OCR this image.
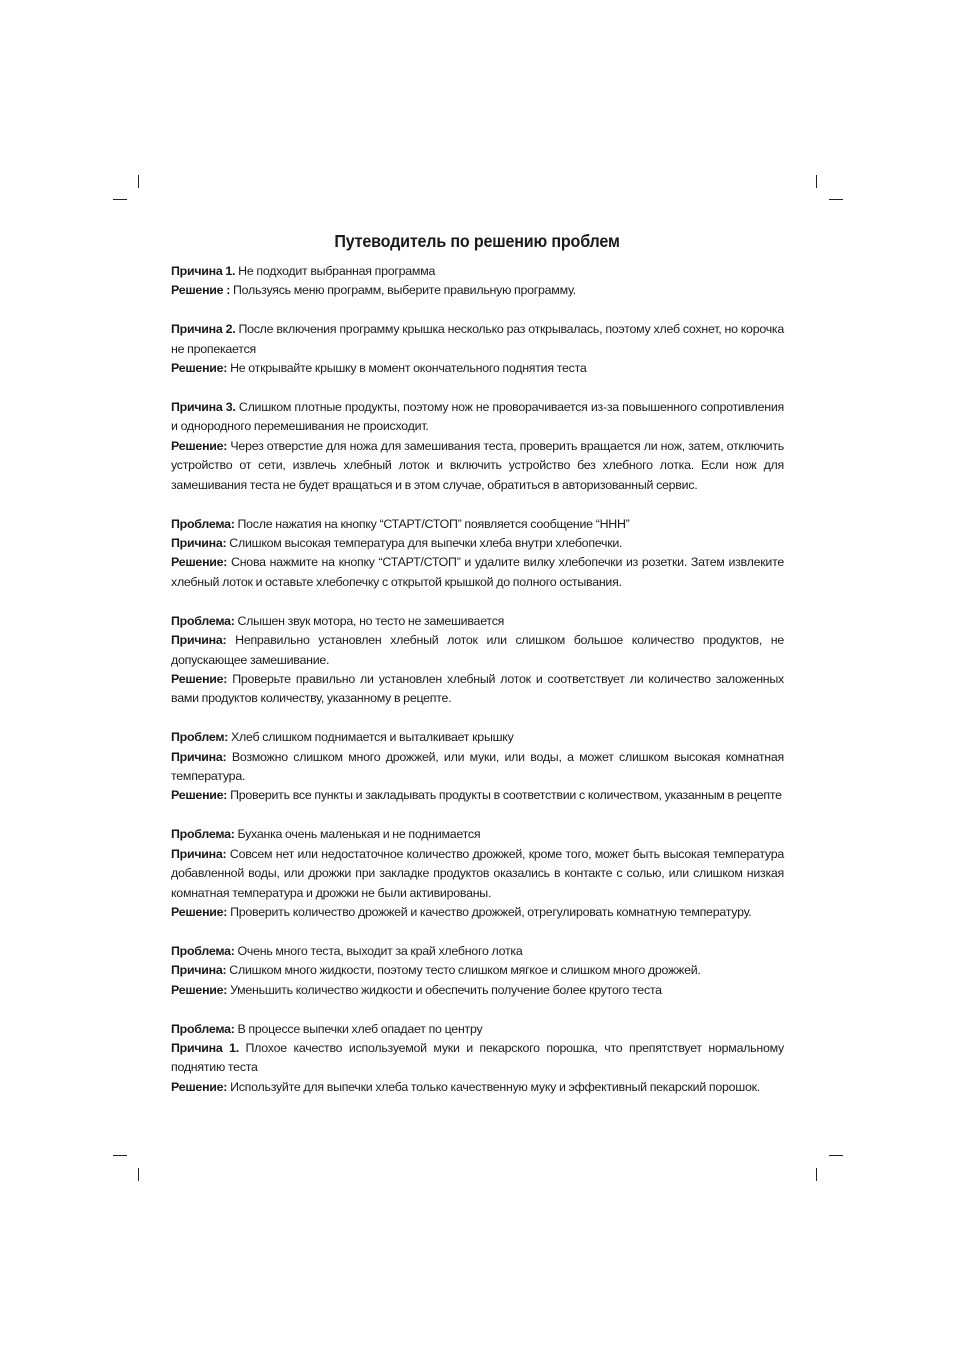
Путеводитель по решению проблем

Причина 1. Не подходит выбранная программа

Решение : Пользуясь меню программ, выберите правильную программу.

Причина 2. После включения программу крышка несколько раз открывалась, поэтому хлеб сохнет, но корочка не пропекается

Решение: Не открывайте крышку в момент окончательного поднятия теста

Причина 3. Слишком плотные продукты, поэтому нож не проворачивается из-за повышенного сопротивления и однородного перемешивания не происходит.

Решение: Через отверстие для ножа для замешивания теста, проверить вращается ли нож, затем, отключить устройство от сети, извлечь хлебный лоток и включить устройство без хлебного лотка. Если нож для замешивания теста не будет вращаться и в этом случае, обратиться в авторизованный сервис.

Проблема: После нажатия на кнопку “СТАРТ/СТОП” появляется сообщение “ННН”

Причина: Слишком высокая температура для выпечки хлеба внутри хлебопечки.

Решение: Снова нажмите на кнопку “СТАРТ/СТОП” и удалите вилку хлебопечки из розетки. Затем извлеките хлебный лоток и оставьте хлебопечку с открытой крышкой до полного остывания.

Проблема: Слышен звук мотора, но тесто не замешивается

Причина: Неправильно установлен хлебный лоток или слишком большое количество продуктов, не допускающее замешивание.

Решение: Проверьте правильно ли установлен хлебный лоток и соответствует ли количество заложенных вами продуктов количеству, указанному в рецепте.

Проблем: Хлеб слишком поднимается и выталкивает крышку

Причина: Возможно слишком много дрожжей, или муки, или воды, а может слишком высокая комнатная температура.

Решение: Проверить все пункты и закладывать продукты в соответствии с количеством, указанным в рецепте

Проблема: Буханка очень маленькая и не поднимается

Причина: Совсем нет или недостаточное количество дрожжей, кроме того, может быть высокая температура добавленной воды, или дрожжи при закладке продуктов оказались в контакте с солью, или слишком низкая комнатная температура и дрожжи не были активированы.

Решение: Проверить количество дрожжей и качество дрожжей, отрегулировать комнатную температуру.

Проблема: Очень много теста, выходит за край хлебного лотка

Причина: Слишком много жидкости, поэтому тесто слишком мягкое и слишком много дрожжей.

Решение: Уменьшить количество жидкости и обеспечить получение более крутого теста

Проблема: В процессе выпечки хлеб опадает по центру

Причина 1. Плохое качество используемой муки и пекарского порошка, что препятствует нормальному поднятию теста

Решение: Используйте для выпечки хлеба только качественную муку и эффективный пекарский порошок.
